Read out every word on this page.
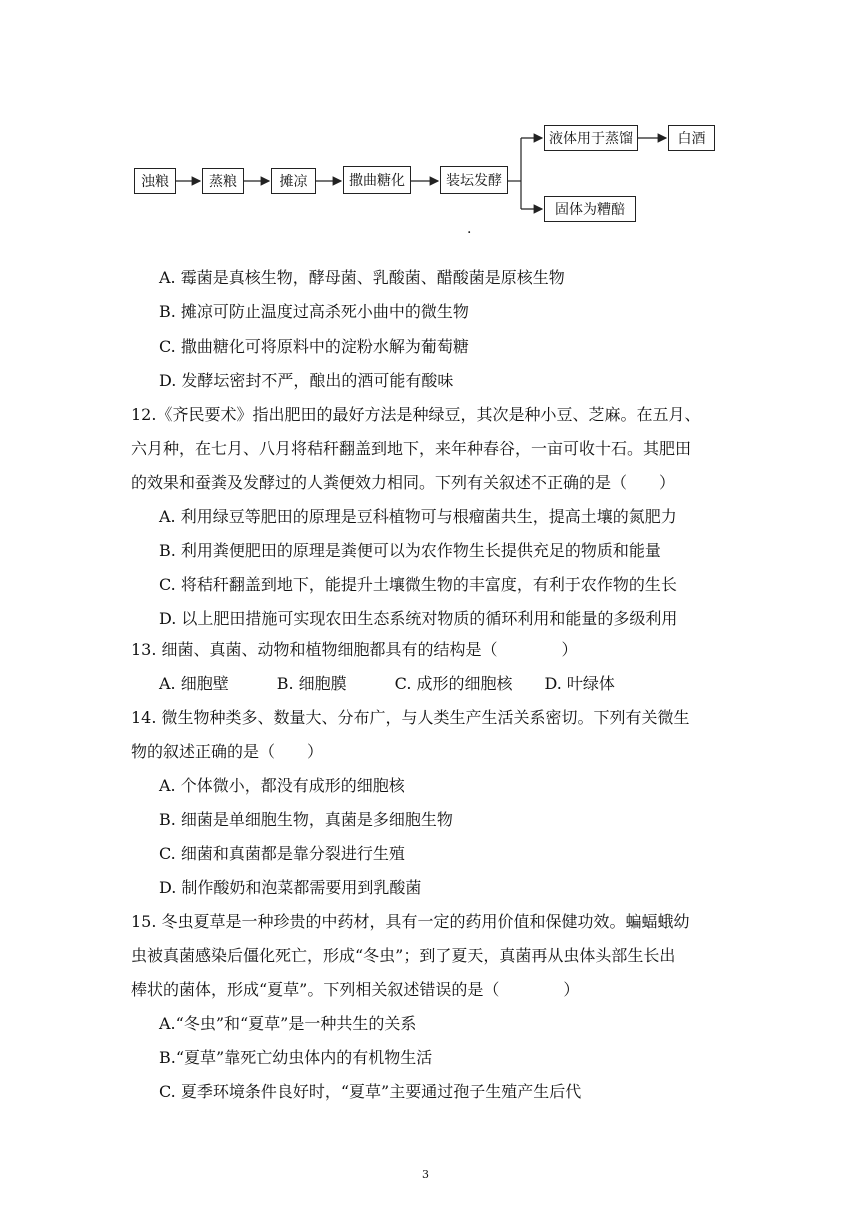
浊粮	蒸粮	摊凉	撒曲糖化	装坛发酵
液体用于蒸馏	白酒
固体为糟醅
·
A. 霉菌是真核生物，酵母菌、乳酸菌、醋酸菌是原核生物
B. 摊凉可防止温度过高杀死小曲中的微生物
C. 撒曲糖化可将原料中的淀粉水解为葡萄糖
D. 发酵坛密封不严，酿出的酒可能有酸味
12.《齐民要术》指出肥田的最好方法是种绿豆，其次是种小豆、芝麻。在五月、
六月种，在七月、八月将秸秆翻盖到地下，来年种春谷，一亩可收十石。其肥田
的效果和蚕粪及发酵过的人粪便效力相同。下列有关叙述不正确的是（　　）
A. 利用绿豆等肥田的原理是豆科植物可与根瘤菌共生，提高土壤的氮肥力
B. 利用粪便肥田的原理是粪便可以为农作物生长提供充足的物质和能量
C. 将秸秆翻盖到地下，能提升土壤微生物的丰富度，有利于农作物的生长
D. 以上肥田措施可实现农田生态系统对物质的循环利用和能量的多级利用
13. 细菌、真菌、动物和植物细胞都具有的结构是（　　　　）
A. 细胞壁　　　B. 细胞膜　　　C. 成形的细胞核　　D. 叶绿体
14. 微生物种类多、数量大、分布广，与人类生产生活关系密切。下列有关微生
物的叙述正确的是（　　）
A. 个体微小，都没有成形的细胞核
B. 细菌是单细胞生物，真菌是多细胞生物
C. 细菌和真菌都是靠分裂进行生殖
D. 制作酸奶和泡菜都需要用到乳酸菌
15. 冬虫夏草是一种珍贵的中药材，具有一定的药用价值和保健功效。蝙蝠蛾幼
虫被真菌感染后僵化死亡，形成“冬虫”；到了夏天，真菌再从虫体头部生长出
棒状的菌体，形成“夏草”。下列相关叙述错误的是（　　　　）
A.“冬虫”和“夏草”是一种共生的关系
B.“夏草”靠死亡幼虫体内的有机物生活
C. 夏季环境条件良好时，“夏草”主要通过孢子生殖产生后代
3
